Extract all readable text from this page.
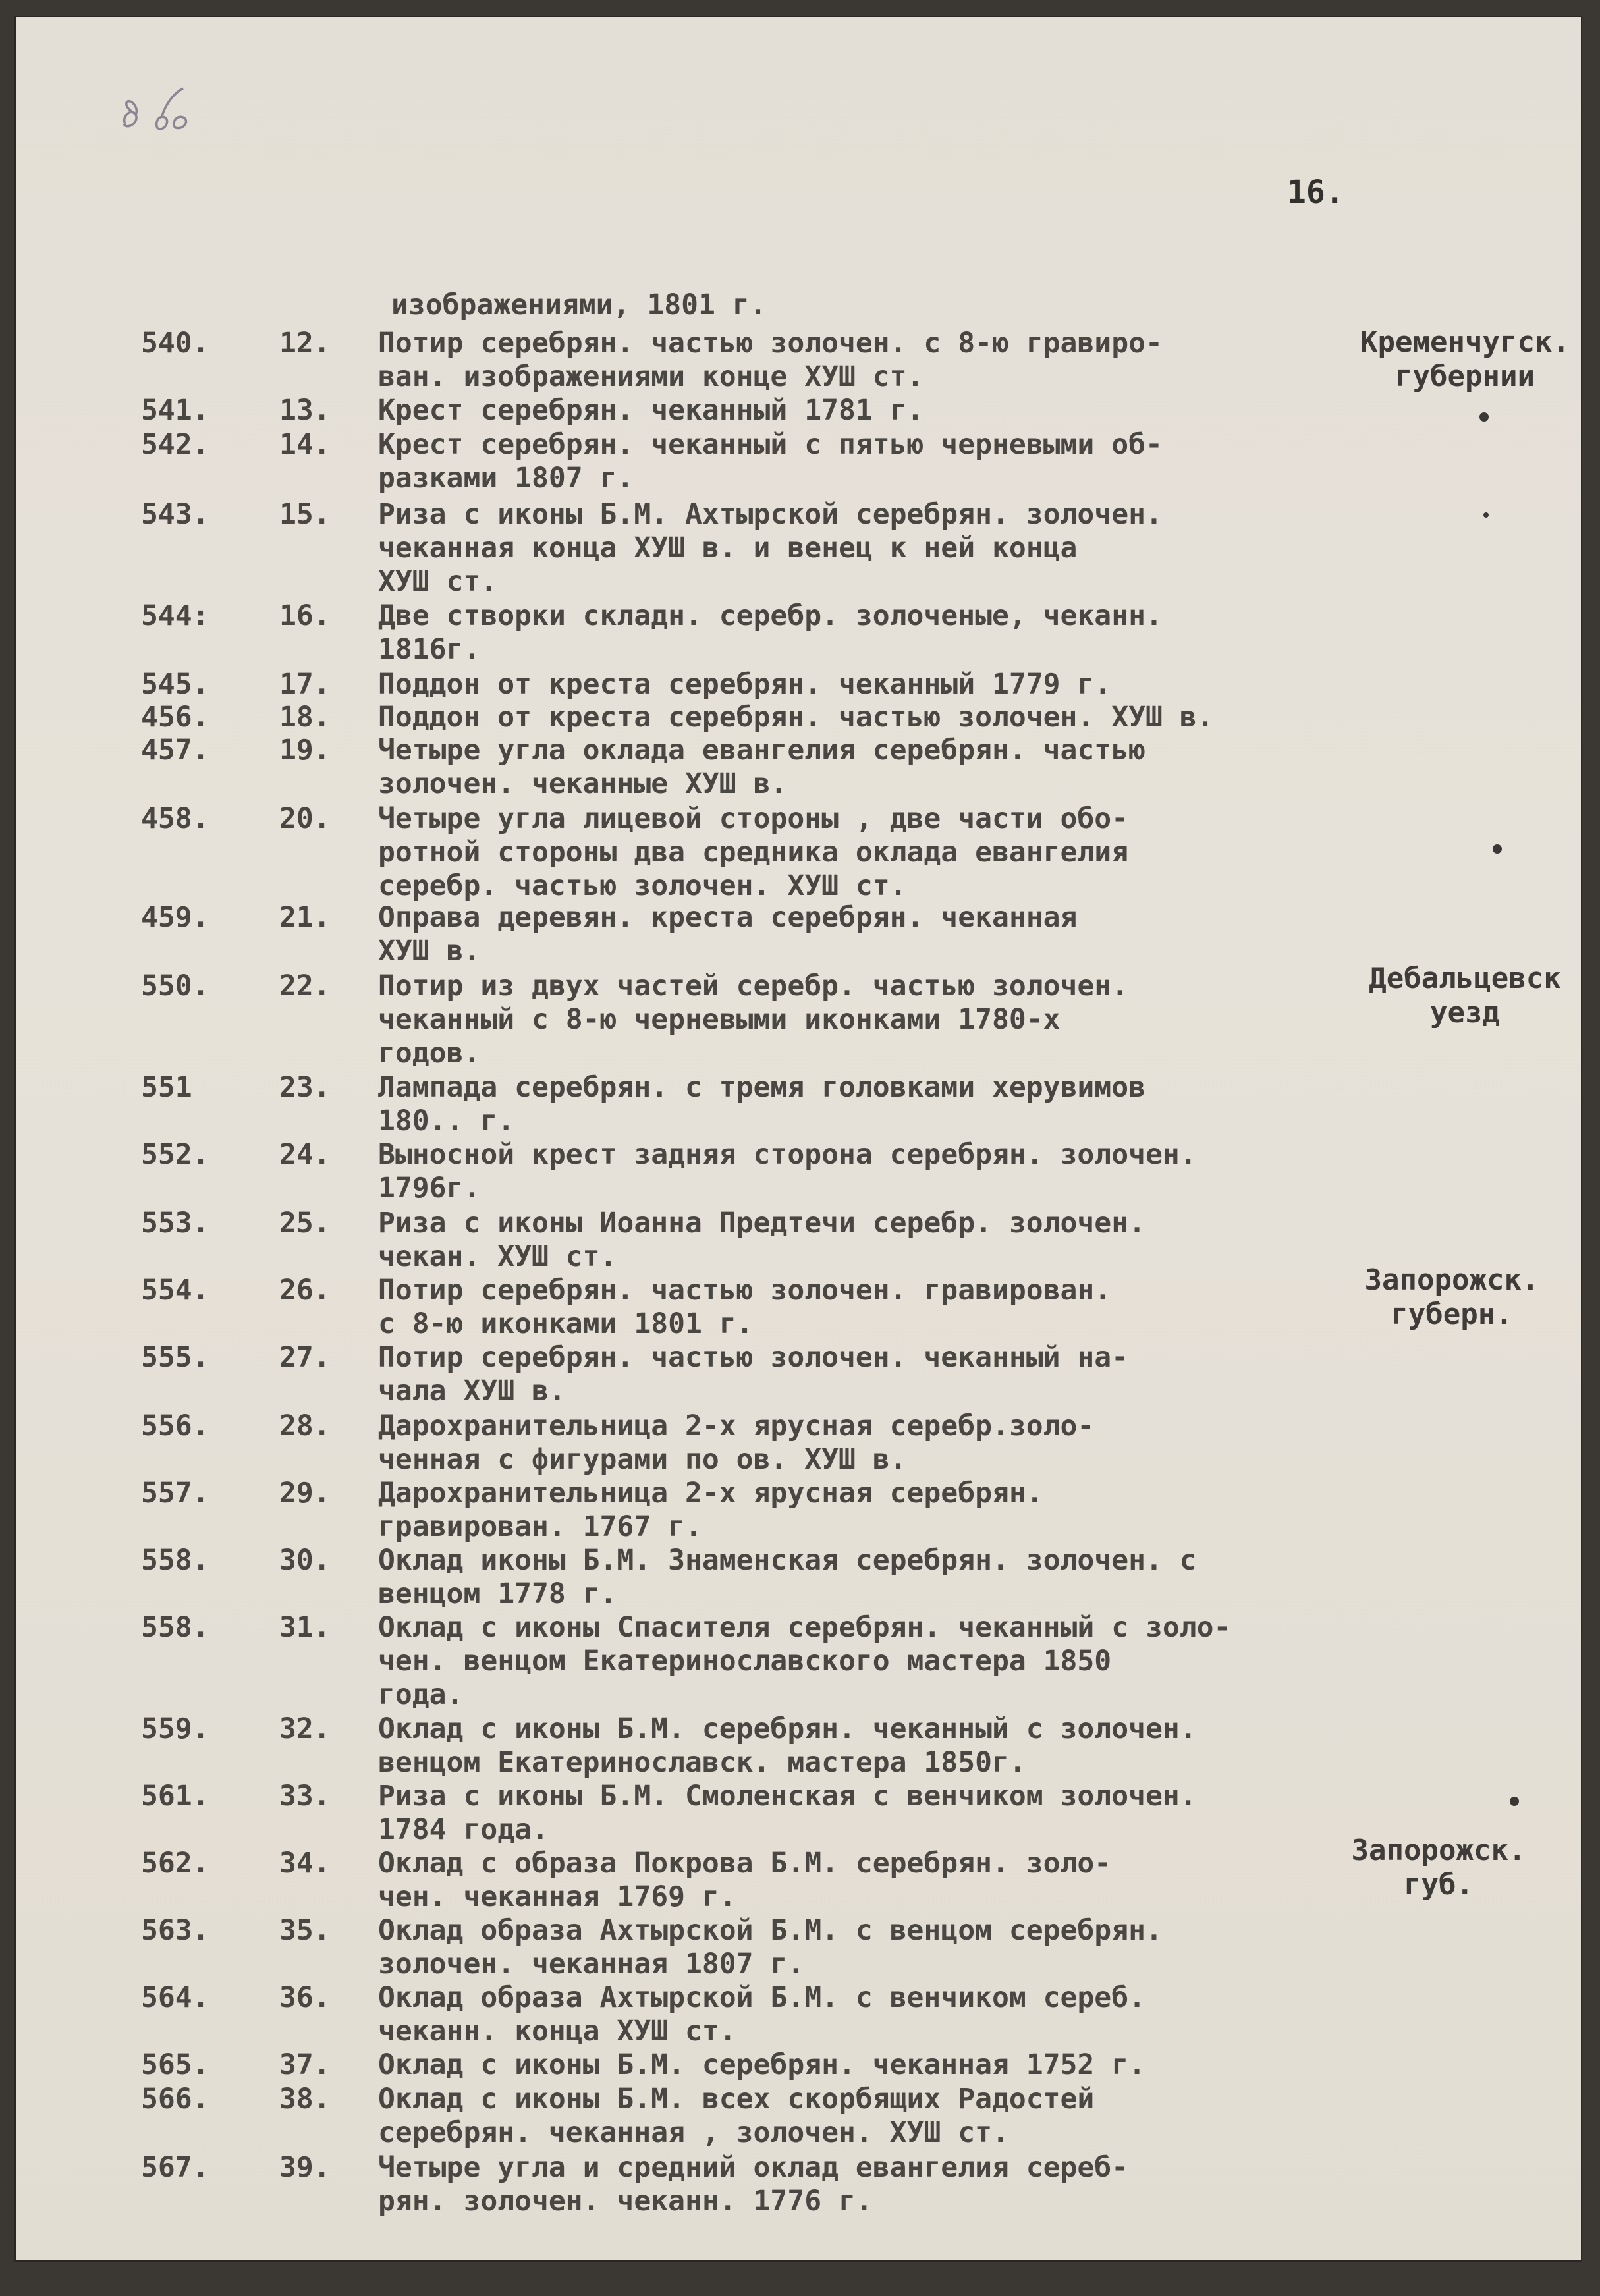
16.
изображениями, 1801 г.
540.	12.	Потир серебрян. частью золочен. с 8-ю гравиро-
ван. изображениями конце ХУШ ст.
541.	13.	Крест серебрян. чеканный 1781 г.
542.	14.	Крест серебрян. чеканный с пятью черневыми об-
разками 1807 г.
543.	15.	Риза с иконы Б.М. Ахтырской серебрян. золочен.
чеканная конца ХУШ в. и венец к ней конца
ХУШ ст.
544:	16.	Две створки складн. серебр. золоченые, чеканн.
1816г.
545.	17.	Поддон от креста серебрян. чеканный 1779 г.
456.	18.	Поддон от креста серебрян. частью золочен. ХУШ в.
457.	19.	Четыре угла оклада евангелия серебрян. частью
золочен. чеканные ХУШ в.
458.	20.	Четыре угла лицевой стороны , две части обо-
ротной стороны два средника оклада евангелия
серебр. частью золочен. ХУШ ст.
459.	21.	Оправа деревян. креста серебрян. чеканная
ХУШ в.
550.	22.	Потир из двух частей серебр. частью золочен.
чеканный с 8-ю черневыми иконками 1780-х
годов.
551	23.	Лампада серебрян. с тремя головками херувимов
180.. г.
552.	24.	Выносной крест задняя сторона серебрян. золочен.
1796г.
553.	25.	Риза с иконы Иоанна Предтечи серебр. золочен.
чекан. ХУШ ст.
554.	26.	Потир серебрян. частью золочен. гравирован.
с 8-ю иконками 1801 г.
555.	27.	Потир серебрян. частью золочен. чеканный на-
чала ХУШ в.
556.	28.	Дарохранительница 2-х ярусная серебр.золо-
ченная с фигурами по ов. ХУШ в.
557.	29.	Дарохранительница 2-х ярусная серебрян.
гравирован. 1767 г.
558.	30.	Оклад иконы Б.М. Знаменская серебрян. золочен. с
венцом 1778 г.
558.	31.	Оклад с иконы Спасителя серебрян. чеканный с золо-
чен. венцом Екатеринославского мастера 1850
года.
559.	32.	Оклад с иконы Б.М. серебрян. чеканный с золочен.
венцом Екатеринославск. мастера 1850г.
561.	33.	Риза с иконы Б.М. Смоленская с венчиком золочен.
1784 года.
562.	34.	Оклад с образа Покрова Б.М. серебрян. золо-
чен. чеканная 1769 г.
563.	35.	Оклад образа Ахтырской Б.М. с венцом серебрян.
золочен. чеканная 1807 г.
564.	36.	Оклад образа Ахтырской Б.М. с венчиком сереб.
чеканн. конца ХУШ ст.
565.	37.	Оклад с иконы Б.М. серебрян. чеканная 1752 г.
566.	38.	Оклад с иконы Б.М. всех скорбящих Радостей
серебрян. чеканная , золочен. ХУШ ст.
567.	39.	Четыре угла и средний оклад евангелия сереб-
рян. золочен. чеканн. 1776 г.
Кременчугск.
губернии
Дебальцевск
уезд
Запорожск.
губерн.
Запорожск.
губ.
